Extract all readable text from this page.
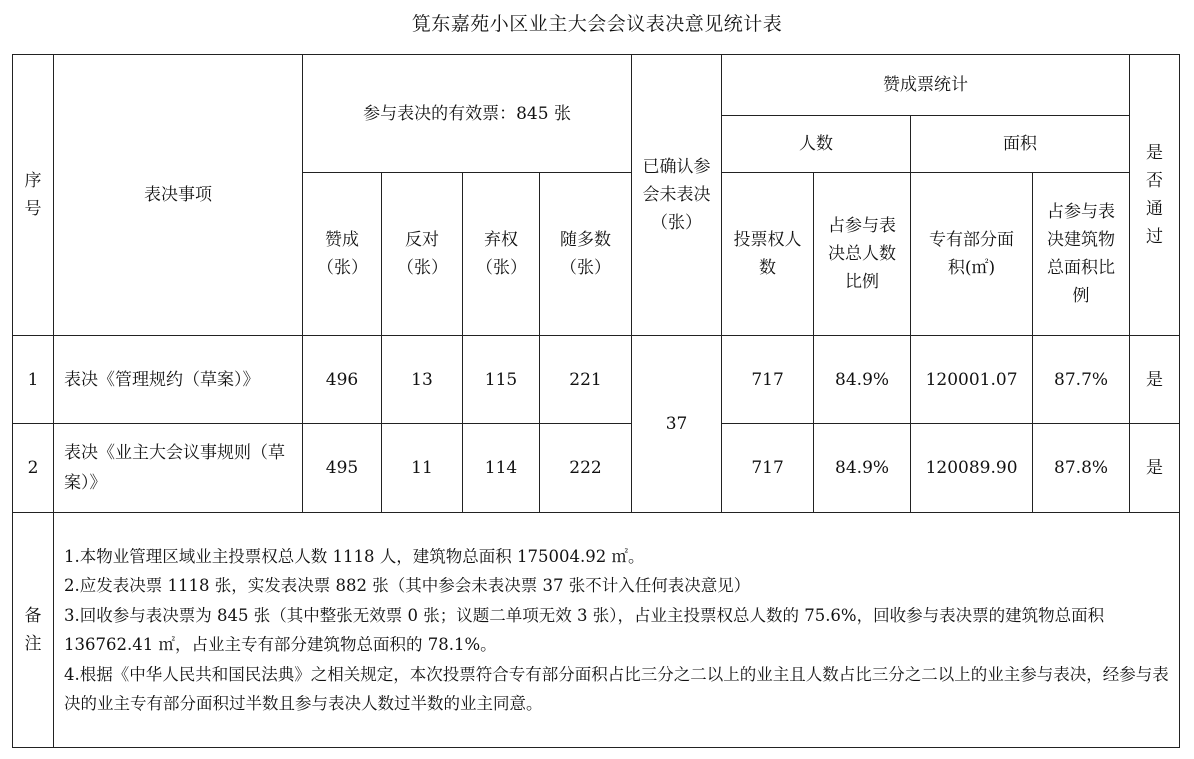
筧东嘉苑小区业主大会会议表决意见统计表
序号	表决事项	参与表决的有效票：845 张				已确认参会未表决（张）	赞成票统计				是否通过
							人数		面积		
		赞成（张）	反对（张）	弃权（张）	随多数（张）		投票权人数	占参与表决总人数比例	专有部分面积(㎡)	占参与表决建筑物总面积比例	
1	表决《管理规约（草案）》	496	13	115	221	37	717	84.9%	120001.07	87.7%	是
2	表决《业主大会议事规则（草案）》	495	11	114	222		717	84.9%	120089.90	87.8%	是
备注	1.本物业管理区域业主投票权总人数 1118 人，建筑物总面积 175004.92 ㎡。
2.应发表决票 1118 张，实发表决票 882 张（其中参会未表决票 37 张不计入任何表决意见）
3.回收参与表决票为 845 张（其中整张无效票 0 张；议题二单项无效 3 张），占业主投票权总人数的 75.6%，回收参与表决票的建筑物总面积 136762.41 ㎡，占业主专有部分建筑物总面积的 78.1%。
4.根据《中华人民共和国民法典》之相关规定，本次投票符合专有部分面积占比三分之二以上的业主且人数占比三分之二以上的业主参与表决，经参与表决的业主专有部分面积过半数且参与表决人数过半数的业主同意。										
